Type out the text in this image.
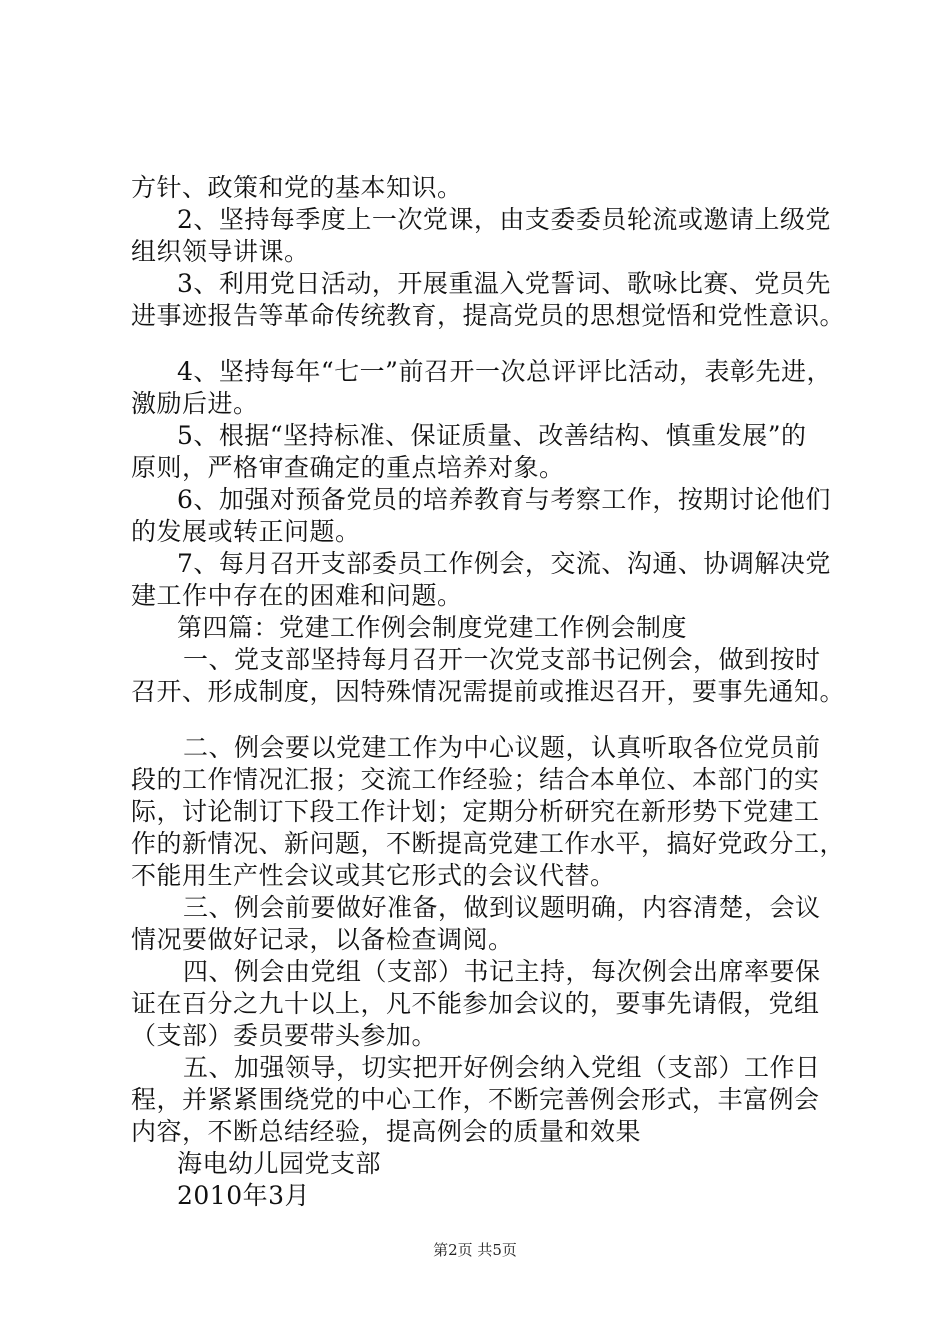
方针、政策和党的基本知识。
2、坚持每季度上一次党课，由支委委员轮流或邀请上级党
组织领导讲课。
3、利用党日活动，开展重温入党誓词、歌咏比赛、党员先
进事迹报告等革命传统教育，提高党员的思想觉悟和党性意识。
4、坚持每年“七一”前召开一次总评评比活动，表彰先进，
激励后进。
5、根据“坚持标准、保证质量、改善结构、慎重发展”的
原则，严格审查确定的重点培养对象。
6、加强对预备党员的培养教育与考察工作，按期讨论他们
的发展或转正问题。
7、每月召开支部委员工作例会，交流、沟通、协调解决党
建工作中存在的困难和问题。
第四篇：党建工作例会制度党建工作例会制度
一、党支部坚持每月召开一次党支部书记例会，做到按时
召开、形成制度，因特殊情况需提前或推迟召开，要事先通知。
二、例会要以党建工作为中心议题，认真听取各位党员前
段的工作情况汇报；交流工作经验；结合本单位、本部门的实
际，讨论制订下段工作计划；定期分析研究在新形势下党建工
作的新情况、新问题，不断提高党建工作水平，搞好党政分工，
不能用生产性会议或其它形式的会议代替。
三、例会前要做好准备，做到议题明确，内容清楚，会议
情况要做好记录，以备检查调阅。
四、例会由党组（支部）书记主持，每次例会出席率要保
证在百分之九十以上，凡不能参加会议的，要事先请假，党组
（支部）委员要带头参加。
五、加强领导，切实把开好例会纳入党组（支部）工作日
程，并紧紧围绕党的中心工作，不断完善例会形式，丰富例会
内容，不断总结经验，提高例会的质量和效果
海电幼儿园党支部
2010年3月
第2页 共5页
